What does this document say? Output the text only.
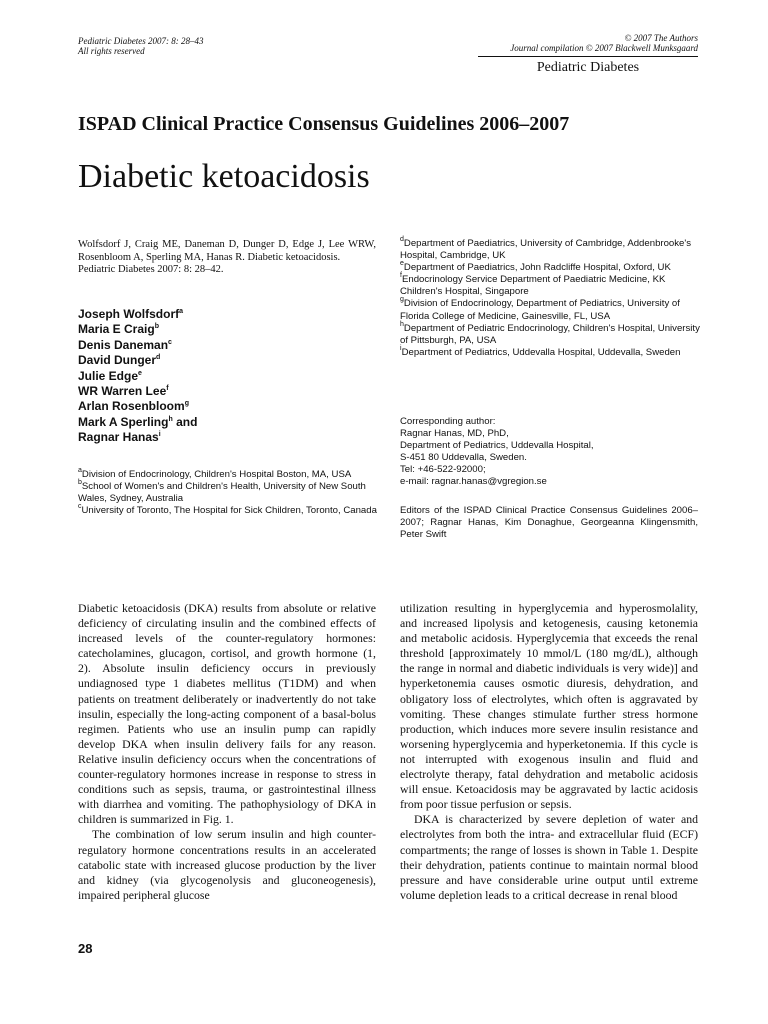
Pediatric Diabetes 2007: 8: 28–43
All rights reserved
© 2007 The Authors
Journal compilation © 2007 Blackwell Munksgaard
Pediatric Diabetes
ISPAD Clinical Practice Consensus Guidelines 2006–2007
Diabetic ketoacidosis

Wolfsdorf J, Craig ME, Daneman D, Dunger D, Edge J, Lee WRW, Rosenbloom A, Sperling MA, Hanas R. Diabetic ketoacidosis.

Pediatric Diabetes 2007: 8: 28–42.

Joseph Wolfsdorf$^a$
Maria E Craig$^b$
Denis Daneman$^c$
David Dunger$^d$
Julie Edge$^e$
WR Warren Lee$^f$
Arlan Rosenbloom$^g$
Mark A Sperling$^h$ and
Ragnar Hanas$^i$
$^a$Division of Endocrinology, Children's Hospital Boston, MA, USA
$^b$School of Women's and Children's Health, University of New South Wales, Sydney, Australia
$^c$University of Toronto, The Hospital for Sick Children, Toronto, Canada
$^d$Department of Paediatrics, University of Cambridge, Addenbrooke's Hospital, Cambridge, UK
$^e$Department of Paediatrics, John Radcliffe Hospital, Oxford, UK
$^f$Endocrinology Service Department of Paediatric Medicine, KK Children's Hospital, Singapore
$^g$Division of Endocrinology, Department of Pediatrics, University of Florida College of Medicine, Gainesville, FL, USA
$^h$Department of Pediatric Endocrinology, Children's Hospital, University of Pittsburgh, PA, USA
$^i$Department of Pediatrics, Uddevalla Hospital, Uddevalla, Sweden
Corresponding author:
Ragnar Hanas, MD, PhD,
Department of Pediatrics, Uddevalla Hospital,
S-451 80 Uddevalla, Sweden.
Tel: +46-522-92000;
e-mail: ragnar.hanas@vgregion.se
Editors of the ISPAD Clinical Practice Consensus Guidelines 2006–2007; Ragnar Hanas, Kim Donaghue, Georgeanna Klingensmith, Peter Swift

Diabetic ketoacidosis (DKA) results from absolute or relative deficiency of circulating insulin and the combined effects of increased levels of the counter-regulatory hormones: catecholamines, glucagon, cortisol, and growth hormone (1, 2). Absolute insulin deficiency occurs in previously undiagnosed type 1 diabetes mellitus (T1DM) and when patients on treatment deliberately or inadvertently do not take insulin, especially the long-acting component of a basal-bolus regimen. Patients who use an insulin pump can rapidly develop DKA when insulin delivery fails for any reason. Relative insulin deficiency occurs when the concentrations of counter-regulatory hormones increase in response to stress in conditions such as sepsis, trauma, or gastrointestinal illness with diarrhea and vomiting. The pathophysiology of DKA in children is summarized in Fig. 1.

The combination of low serum insulin and high counter-regulatory hormone concentrations results in an accelerated catabolic state with increased glucose production by the liver and kidney (via glycogenolysis and gluconeogenesis), impaired peripheral glucose

utilization resulting in hyperglycemia and hyperosmolality, and increased lipolysis and ketogenesis, causing ketonemia and metabolic acidosis. Hyperglycemia that exceeds the renal threshold [approximately 10 mmol/L (180 mg/dL), although the range in normal and diabetic individuals is very wide)] and hyperketonemia causes osmotic diuresis, dehydration, and obligatory loss of electrolytes, which often is aggravated by vomiting. These changes stimulate further stress hormone production, which induces more severe insulin resistance and worsening hyperglycemia and hyperketonemia. If this cycle is not interrupted with exogenous insulin and fluid and electrolyte therapy, fatal dehydration and metabolic acidosis will ensue. Ketoacidosis may be aggravated by lactic acidosis from poor tissue perfusion or sepsis.

DKA is characterized by severe depletion of water and electrolytes from both the intra- and extracellular fluid (ECF) compartments; the range of losses is shown in Table 1. Despite their dehydration, patients continue to maintain normal blood pressure and have considerable urine output until extreme volume depletion leads to a critical decrease in renal blood

28
